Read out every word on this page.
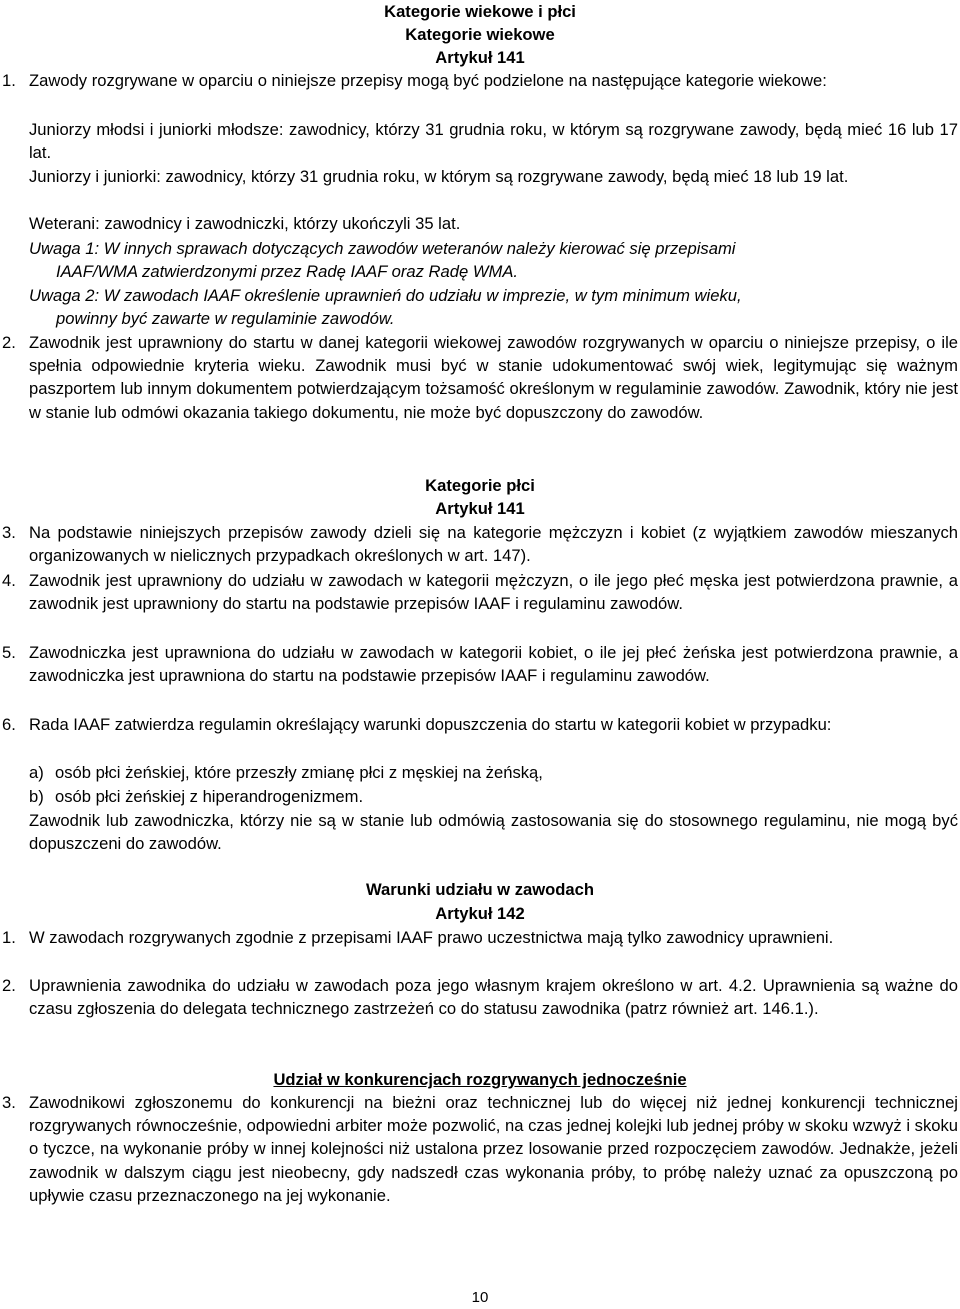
Kategorie wiekowe i płci
Kategorie wiekowe
Artykuł 141
1. Zawody rozgrywane w oparciu o niniejsze przepisy mogą być podzielone na następujące kategorie wiekowe:
Juniorzy młodsi i juniorki młodsze: zawodnicy, którzy 31 grudnia roku, w którym są rozgrywane zawody, będą mieć 16 lub 17 lat.
Juniorzy i juniorki: zawodnicy, którzy 31 grudnia roku, w którym są rozgrywane zawody, będą mieć 18 lub 19 lat.
Weterani: zawodnicy i zawodniczki, którzy ukończyli 35 lat.
Uwaga 1: W innych sprawach dotyczących zawodów weteranów należy kierować się przepisami
IAAF/WMA zatwierdzonymi przez Radę IAAF oraz Radę WMA.
Uwaga 2: W zawodach IAAF określenie uprawnień do udziału w imprezie, w tym minimum wieku,
powinny być zawarte w regulaminie zawodów.
2. Zawodnik jest uprawniony do startu w danej kategorii wiekowej zawodów rozgrywanych w oparciu o niniejsze przepisy, o ile spełnia odpowiednie kryteria wieku. Zawodnik musi być w stanie udokumentować swój wiek, legitymując się ważnym paszportem lub innym dokumentem potwierdzającym tożsamość określonym w regulaminie zawodów. Zawodnik, który nie jest w stanie lub odmówi okazania takiego dokumentu, nie może być dopuszczony do zawodów.
Kategorie płci
Artykuł 141
3. Na podstawie niniejszych przepisów zawody dzieli się na kategorie mężczyzn i kobiet (z wyjątkiem zawodów mieszanych organizowanych w nielicznych przypadkach określonych w art. 147).
4. Zawodnik jest uprawniony do udziału w zawodach w kategorii mężczyzn, o ile jego płeć męska jest potwierdzona prawnie, a zawodnik jest uprawniony do startu na podstawie przepisów IAAF i regulaminu zawodów.
5. Zawodniczka jest uprawniona do udziału w zawodach w kategorii kobiet, o ile jej płeć żeńska jest potwierdzona prawnie, a zawodniczka jest uprawniona do startu na podstawie przepisów IAAF i regulaminu zawodów.
6. Rada IAAF zatwierdza regulamin określający warunki dopuszczenia do startu w kategorii kobiet w przypadku:
a) osób płci żeńskiej, które przeszły zmianę płci z męskiej na żeńską,
b) osób płci żeńskiej z hiperandrogenizmem.
Zawodnik lub zawodniczka, którzy nie są w stanie lub odmówią zastosowania się do stosownego regulaminu, nie mogą być dopuszczeni do zawodów.
Warunki udziału w zawodach
Artykuł 142
1. W zawodach rozgrywanych zgodnie z przepisami IAAF prawo uczestnictwa mają tylko zawodnicy uprawnieni.
2. Uprawnienia zawodnika do udziału w zawodach poza jego własnym krajem określono w art. 4.2. Uprawnienia są ważne do czasu zgłoszenia do delegata technicznego zastrzeżeń co do statusu zawodnika (patrz również art. 146.1.).
Udział w konkurencjach rozgrywanych jednocześnie
3. Zawodnikowi zgłoszonemu do konkurencji na bieżni oraz technicznej lub do więcej niż jednej konkurencji technicznej rozgrywanych równocześnie, odpowiedni arbiter może pozwolić, na czas jednej kolejki lub jednej próby w skoku wzwyż i skoku o tyczce, na wykonanie próby w innej kolejności niż ustalona przez losowanie przed rozpoczęciem zawodów. Jednakże, jeżeli zawodnik w dalszym ciągu jest nieobecny, gdy nadszedł czas wykonania próby, to próbę należy uznać za opuszczoną po upływie czasu przeznaczonego na jej wykonanie.
10
